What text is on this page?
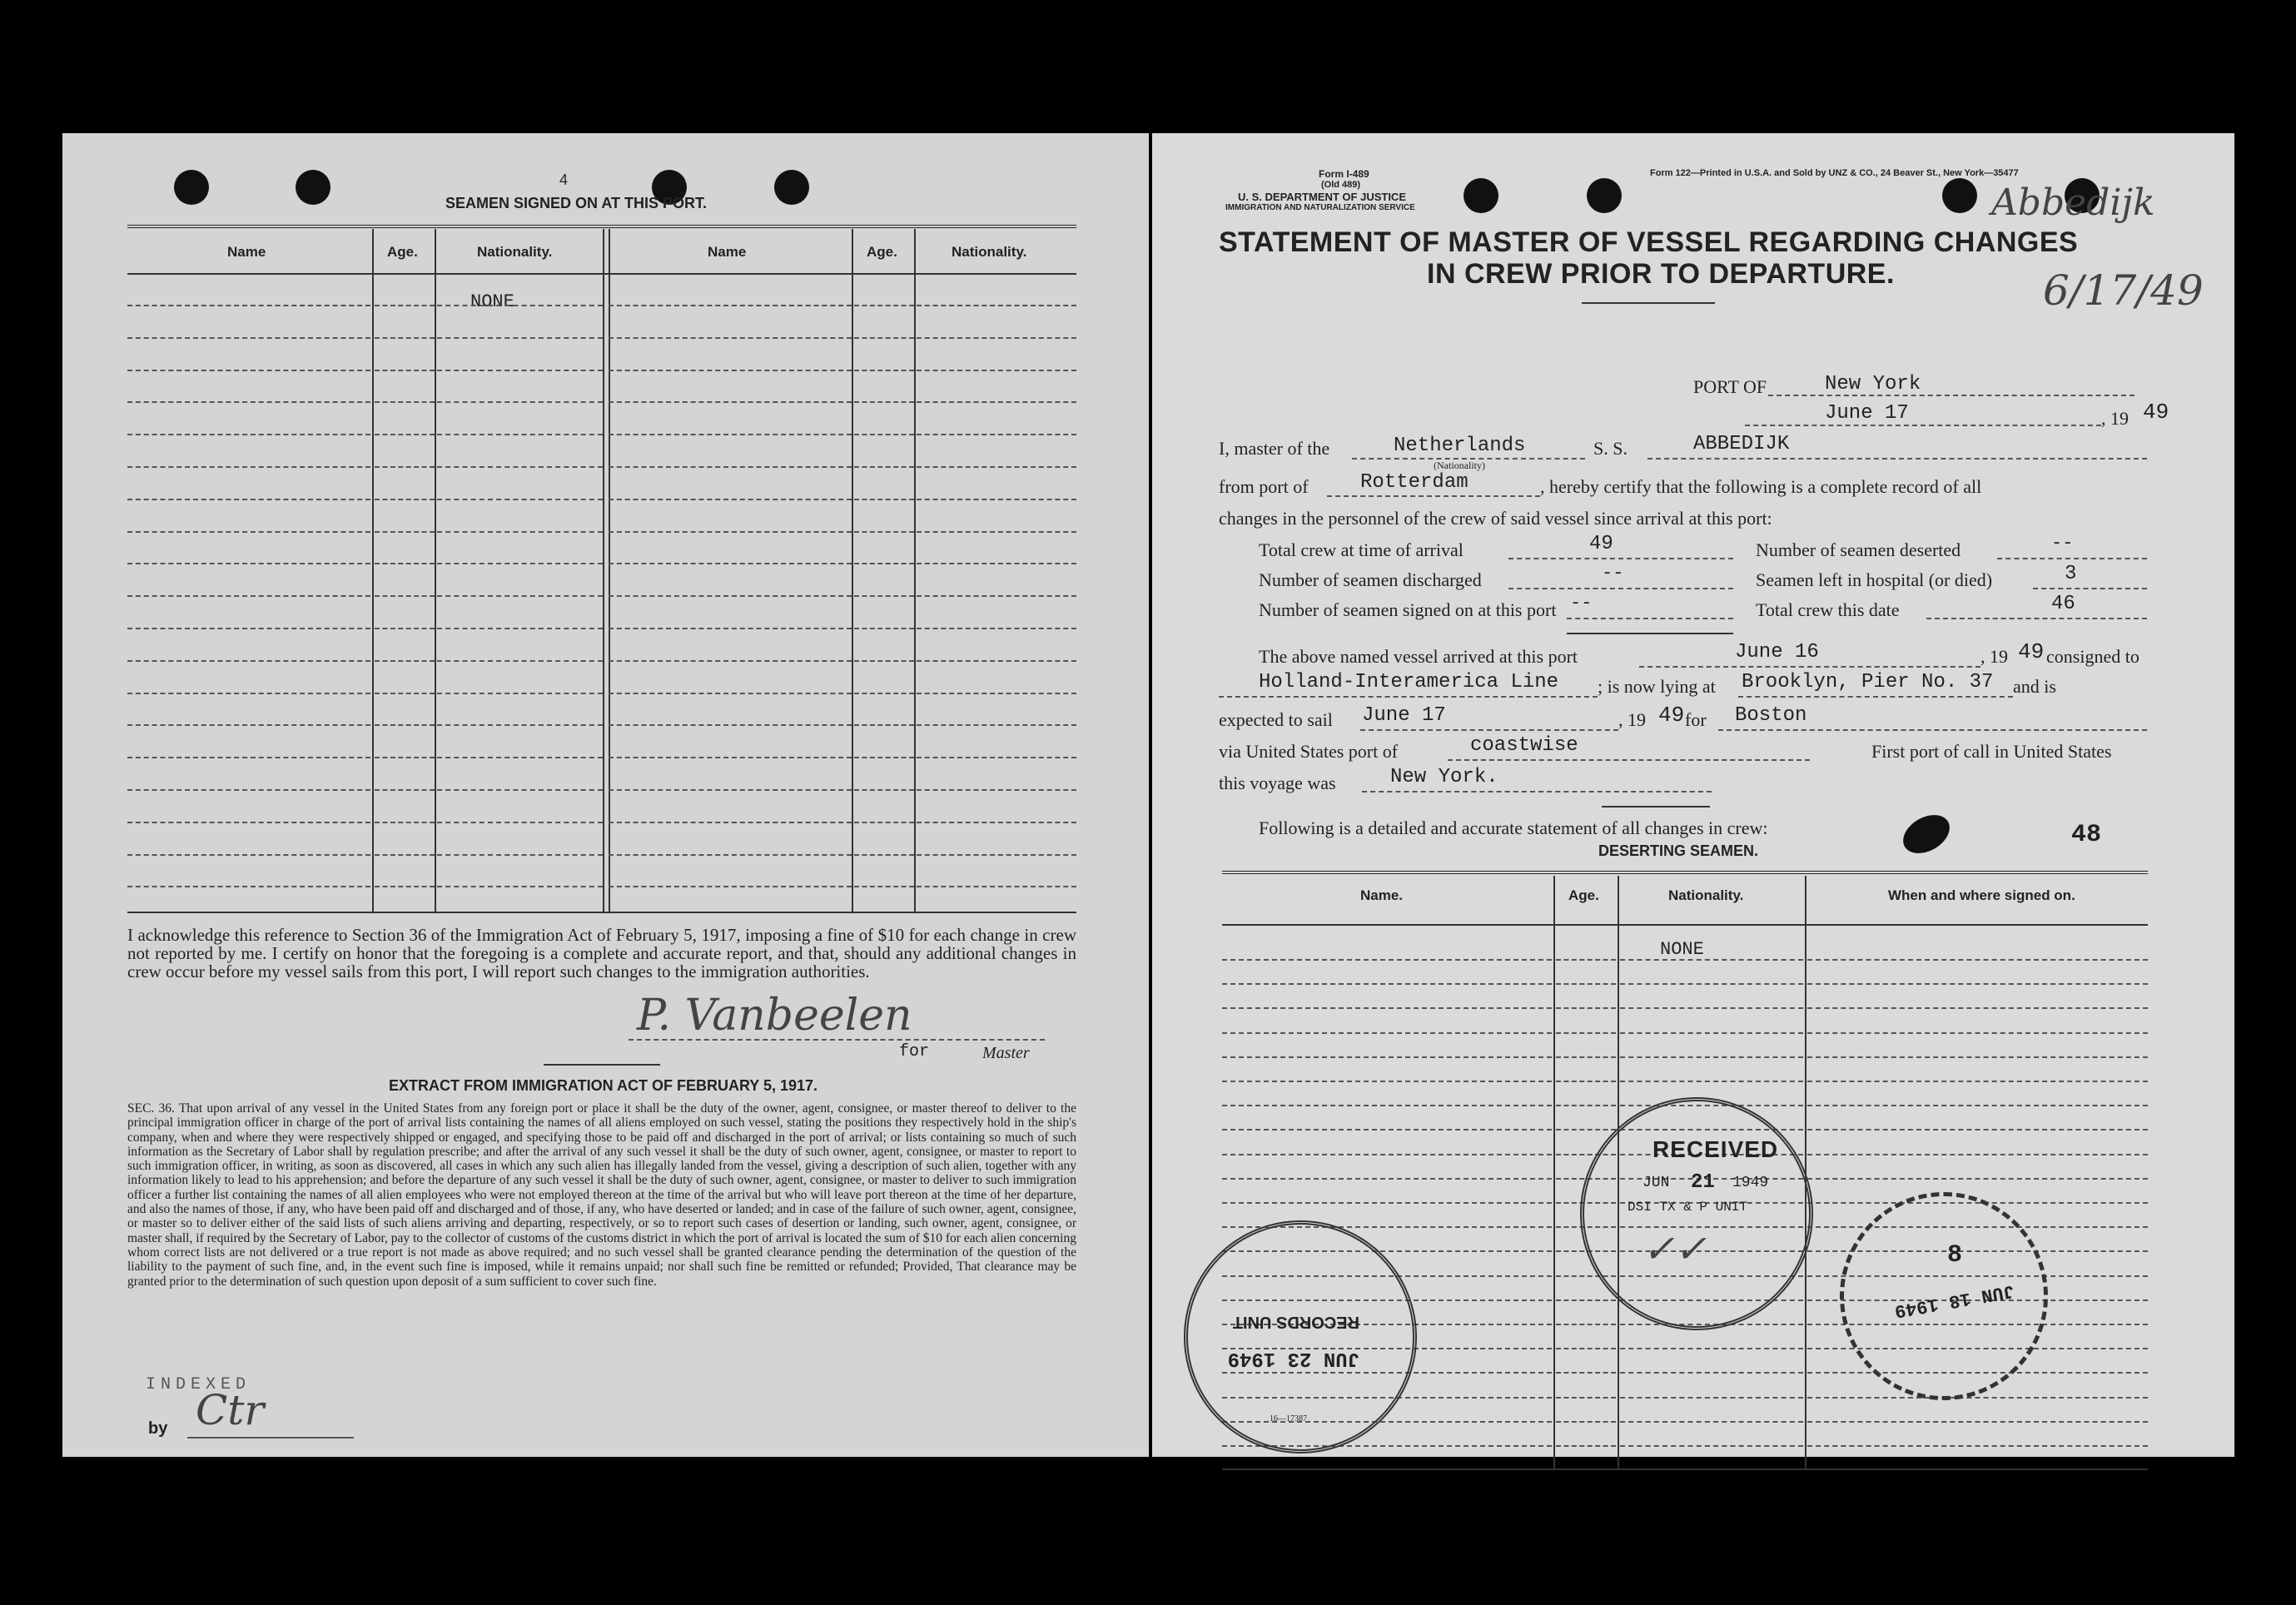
4
SEAMEN SIGNED ON AT THIS PORT.
Name	Age.	Nationality.	Name	Age.	Nationality.
NONE
I acknowledge this reference to Section 36 of the Immigration Act of February 5, 1917, imposing a fine of $10 for each change in crew not reported by me. I certify on honor that the foregoing is a complete and accurate report, and that, should any additional changes in crew occur before my vessel sails from this port, I will report such changes to the immigration authorities.
P. Vanbeelen
for	Master
EXTRACT FROM IMMIGRATION ACT OF FEBRUARY 5, 1917.
SEC. 36. That upon arrival of any vessel in the United States from any foreign port or place it shall be the duty of the owner, agent, consignee, or master thereof to deliver to the principal immigration officer in charge of the port of arrival lists containing the names of all aliens employed on such vessel, stating the positions they respectively hold in the ship's company, when and where they were respectively shipped or engaged, and specifying those to be paid off and discharged in the port of arrival; or lists containing so much of such information as the Secretary of Labor shall by regulation prescribe; and after the arrival of any such vessel it shall be the duty of such owner, agent, consignee, or master to report to such immigration officer, in writing, as soon as discovered, all cases in which any such alien has illegally landed from the vessel, giving a description of such alien, together with any information likely to lead to his apprehension; and before the departure of any such vessel it shall be the duty of such owner, agent, consignee, or master to deliver to such immigration officer a further list containing the names of all alien employees who were not employed thereon at the time of the arrival but who will leave port thereon at the time of her departure, and also the names of those, if any, who have been paid off and discharged and of those, if any, who have deserted or landed; and in case of the failure of such owner, agent, consignee, or master so to deliver either of the said lists of such aliens arriving and departing, respectively, or so to report such cases of desertion or landing, such owner, agent, consignee, or master shall, if required by the Secretary of Labor, pay to the collector of customs of the customs district in which the port of arrival is located the sum of $10 for each alien concerning whom correct lists are not delivered or a true report is not made as above required; and no such vessel shall be granted clearance pending the determination of the question of the liability to the payment of such fine, and, in the event such fine is imposed, while it remains unpaid; nor shall such fine be remitted or refunded; Provided, That clearance may be granted prior to the determination of such question upon deposit of a sum sufficient to cover such fine.
INDEXED
by Ctr
Form I-489
(Old 489)
U. S. DEPARTMENT OF JUSTICE
IMMIGRATION AND NATURALIZATION SERVICE
Form 122—Printed in U.S.A. and Sold by UNZ & CO., 24 Beaver St., New York—35477
Abbedijk
6/17/49
STATEMENT OF MASTER OF VESSEL REGARDING CHANGES
IN CREW PRIOR TO DEPARTURE.
PORT OF	New York
June 17	, 19 49
I, master of the	Netherlands
(Nationality)
S. S.	ABBEDIJK
from port of	Rotterdam	, hereby certify that the following is a complete record of all
changes in the personnel of the crew of said vessel since arrival at this port:
Total crew at time of arrival	49	Number of seamen deserted	--
Number of seamen discharged	--	Seamen left in hospital (or died)	3
Number of seamen signed on at this port --	Total crew this date	46
The above named vessel arrived at this port	June 16	, 19 49 consigned to
Holland-Interamerica Line ; is now lying at Brooklyn, Pier No. 37 and is
expected to sail June 17	, 19 49 for Boston
via United States port of	coastwise	First port of call in United States
this voyage was	New York.
Following is a detailed and accurate statement of all changes in crew:
DESERTING SEAMEN.
48
Name.	Age.	Nationality.	When and where signed on.
NONE
RECEIVED
JUN 21 1949
DSI TX & P UNIT
✓✓
RECORDS UNIT
JUN 23 1949
16—17387
JUN 18 1949
8
